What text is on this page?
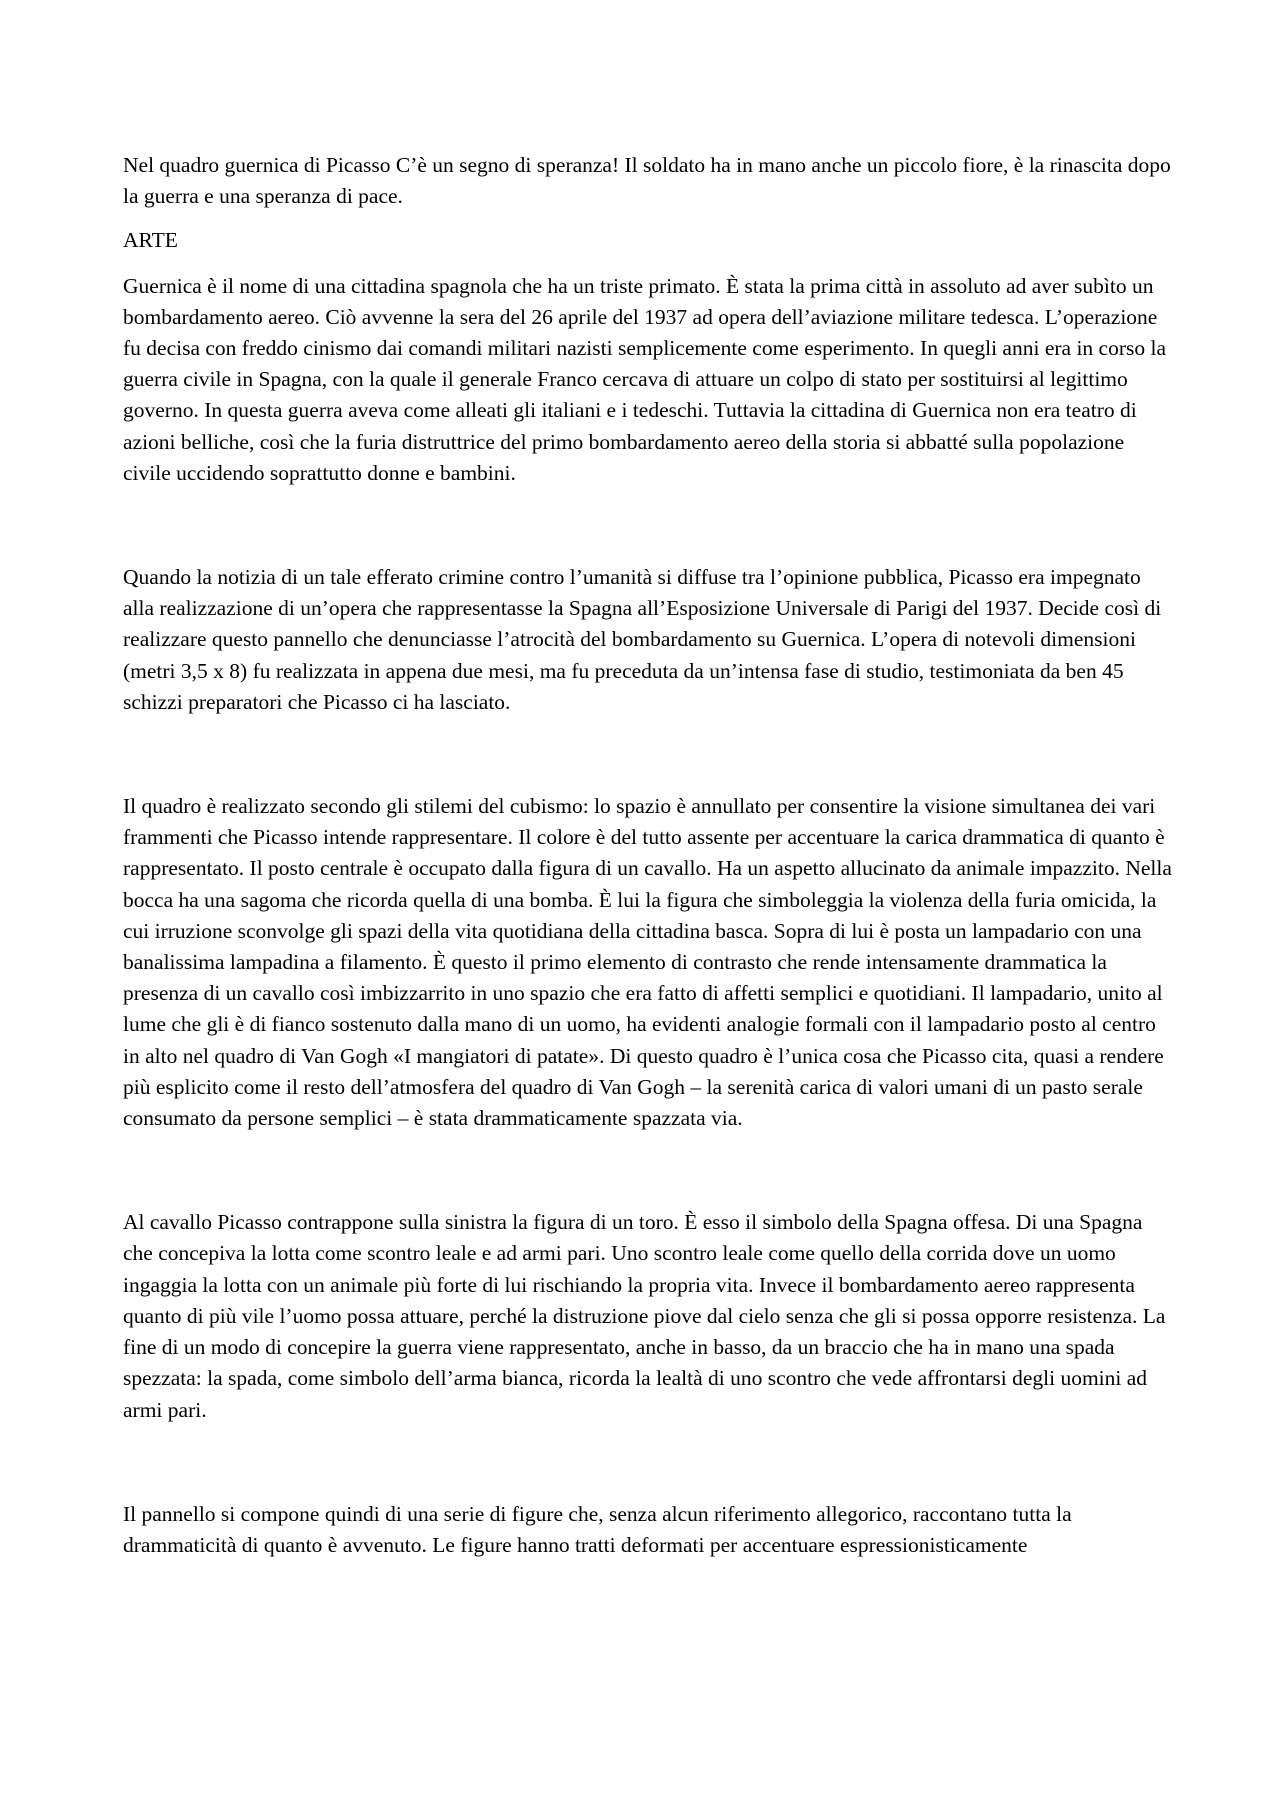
Nel quadro guernica di Picasso C’è un segno di speranza! Il soldato ha in mano anche un piccolo fiore, è la rinascita dopo la guerra e una speranza di pace.

ARTE

Guernica è il nome di una cittadina spagnola che ha un triste primato. È stata la prima città in assoluto ad aver subìto un bombardamento aereo. Ciò avvenne la sera del 26 aprile del 1937 ad opera dell’aviazione militare tedesca. L’operazione fu decisa con freddo cinismo dai comandi militari nazisti semplicemente come esperimento. In quegli anni era in corso la guerra civile in Spagna, con la quale il generale Franco cercava di attuare un colpo di stato per sostituirsi al legittimo governo. In questa guerra aveva come alleati gli italiani e i tedeschi. Tuttavia la cittadina di Guernica non era teatro di azioni belliche, così che la furia distruttrice del primo bombardamento aereo della storia si abbatté sulla popolazione civile uccidendo soprattutto donne e bambini.

Quando la notizia di un tale efferato crimine contro l’umanità si diffuse tra l’opinione pubblica, Picasso era impegnato alla realizzazione di un’opera che rappresentasse la Spagna all’Esposizione Universale di Parigi del 1937. Decide così di realizzare questo pannello che denunciasse l’atrocità del bombardamento su Guernica. L’opera di notevoli dimensioni (metri 3,5 x 8) fu realizzata in appena due mesi, ma fu preceduta da un’intensa fase di studio, testimoniata da ben 45 schizzi preparatori che Picasso ci ha lasciato.

Il quadro è realizzato secondo gli stilemi del cubismo: lo spazio è annullato per consentire la visione simultanea dei vari frammenti che Picasso intende rappresentare. Il colore è del tutto assente per accentuare la carica drammatica di quanto è rappresentato. Il posto centrale è occupato dalla figura di un cavallo. Ha un aspetto allucinato da animale impazzito. Nella bocca ha una sagoma che ricorda quella di una bomba. È lui la figura che simboleggia la violenza della furia omicida, la cui irruzione sconvolge gli spazi della vita quotidiana della cittadina basca. Sopra di lui è posta un lampadario con una banalissima lampadina a filamento. È questo il primo elemento di contrasto che rende intensamente drammatica la presenza di un cavallo così imbizzarrito in uno spazio che era fatto di affetti semplici e quotidiani. Il lampadario, unito al lume che gli è di fianco sostenuto dalla mano di un uomo, ha evidenti analogie formali con il lampadario posto al centro in alto nel quadro di Van Gogh «I mangiatori di patate». Di questo quadro è l’unica cosa che Picasso cita, quasi a rendere più esplicito come il resto dell’atmosfera del quadro di Van Gogh – la serenità carica di valori umani di un pasto serale consumato da persone semplici – è stata drammaticamente spazzata via.

Al cavallo Picasso contrappone sulla sinistra la figura di un toro. È esso il simbolo della Spagna offesa. Di una Spagna che concepiva la lotta come scontro leale e ad armi pari. Uno scontro leale come quello della corrida dove un uomo ingaggia la lotta con un animale più forte di lui rischiando la propria vita. Invece il bombardamento aereo rappresenta quanto di più vile l’uomo possa attuare, perché la distruzione piove dal cielo senza che gli si possa opporre resistenza. La fine di un modo di concepire la guerra viene rappresentato, anche in basso, da un braccio che ha in mano una spada spezzata: la spada, come simbolo dell’arma bianca, ricorda la lealtà di uno scontro che vede affrontarsi degli uomini ad armi pari.

Il pannello si compone quindi di una serie di figure che, senza alcun riferimento allegorico, raccontano tutta la drammaticità di quanto è avvenuto. Le figure hanno tratti deformati per accentuare espressionisticamente
